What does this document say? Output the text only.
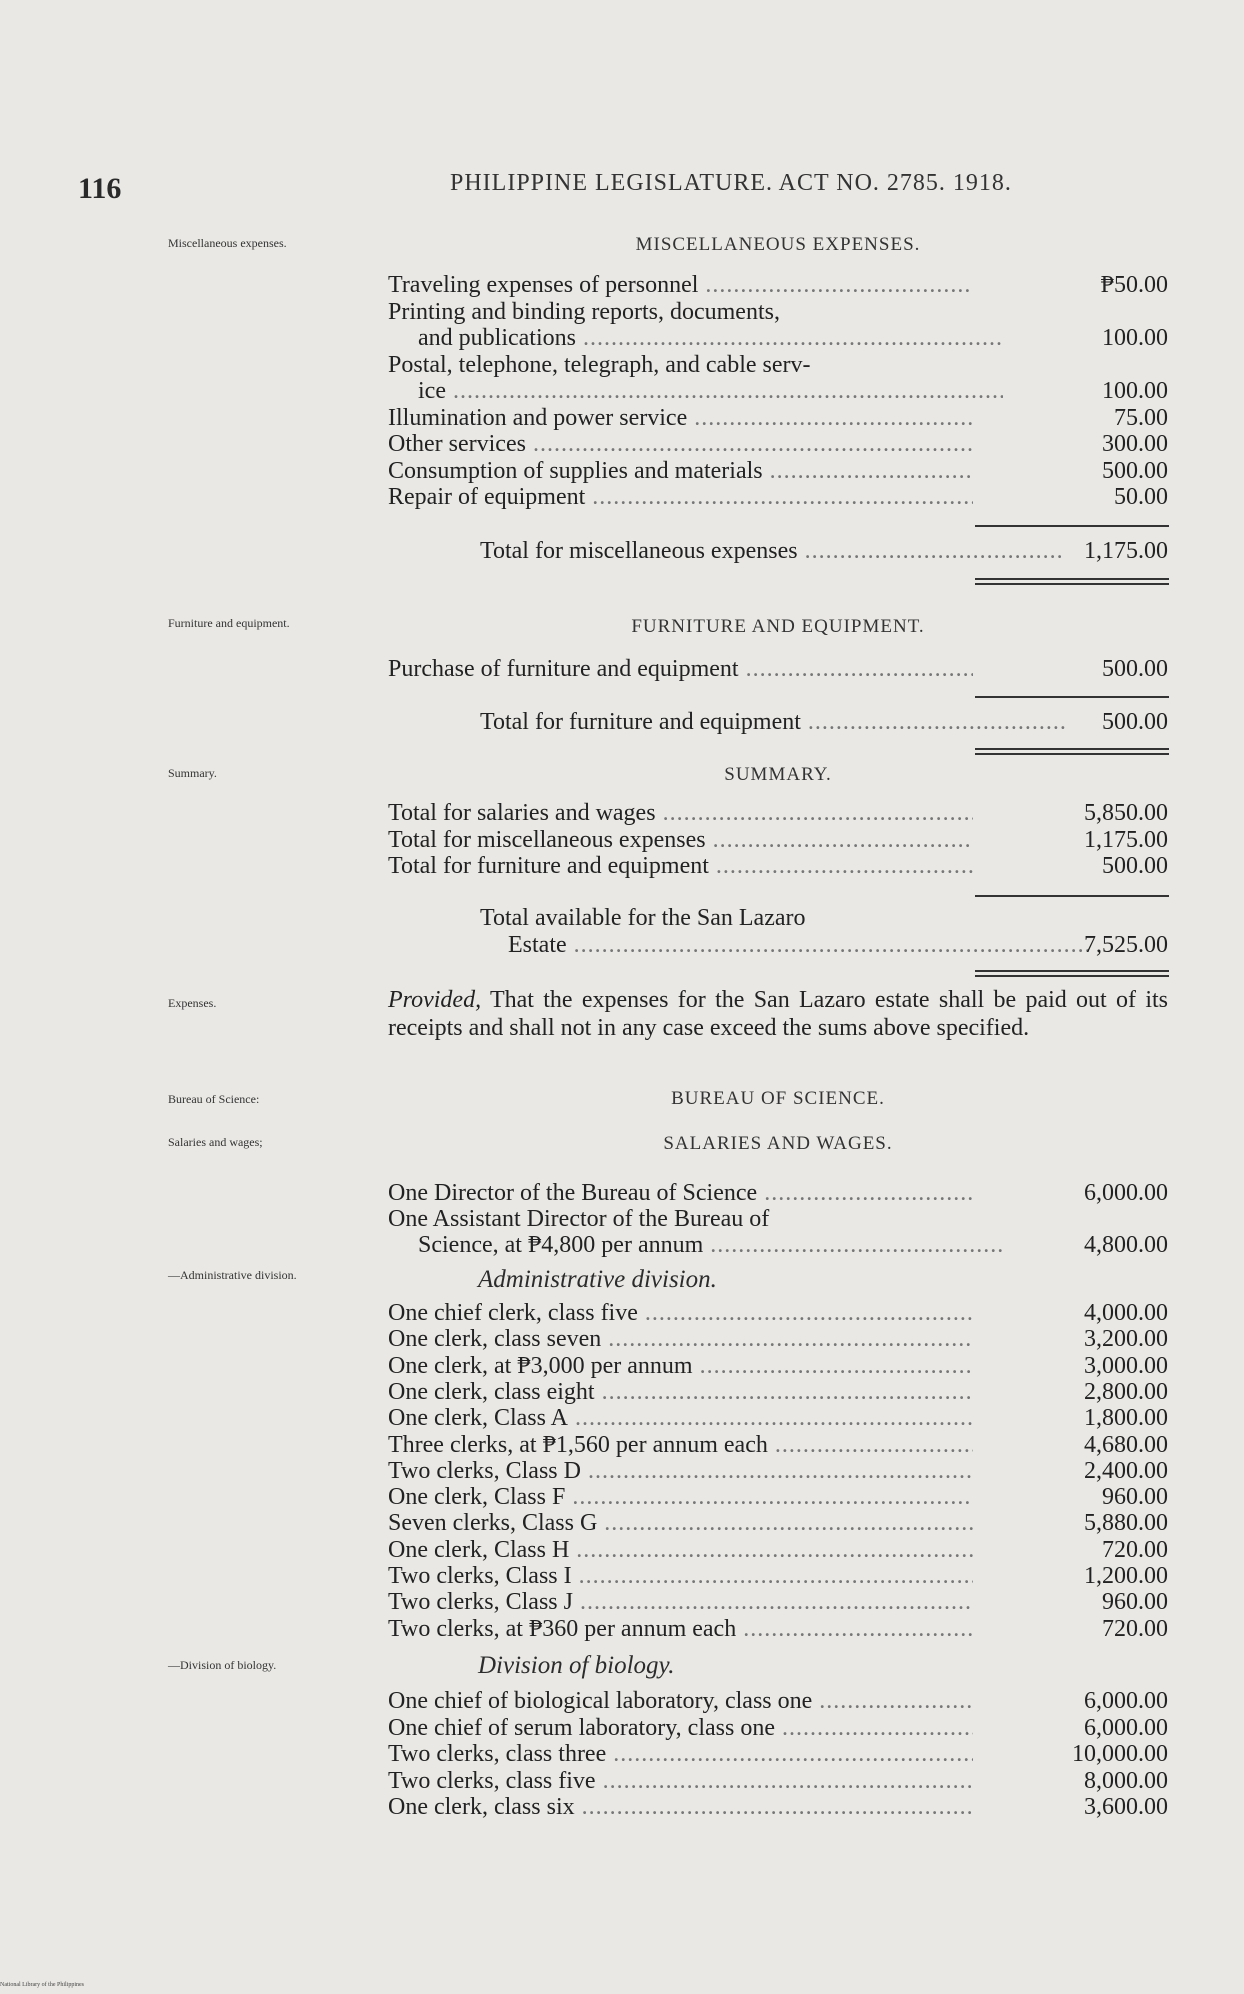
116	PHILIPPINE LEGISLATURE. ACT NO. 2785. 1918.
Miscellaneous expenses.	MISCELLANEOUS EXPENSES.
Traveling expenses of personnel .....	₱50.00
Printing and binding reports, documents,
and publications .....	100.00
Postal, telephone, telegraph, and cable serv-
ice .....	100.00
Illumination and power service .....	75.00
Other services .....	300.00
Consumption of supplies and materials .....	500.00
Repair of equipment .....	50.00
Total for miscellaneous expenses .....	1,175.00
Furniture and equipment.	FURNITURE AND EQUIPMENT.
Purchase of furniture and equipment .....	500.00
Total for furniture and equipment .....	500.00
Summary.	SUMMARY.
Total for salaries and wages .....	5,850.00
Total for miscellaneous expenses .....	1,175.00
Total for furniture and equipment .....	500.00
Total available for the San Lazaro
Estate .....	7,525.00
Expenses.	Provided, That the expenses for the San Lazaro estate shall be paid out of its receipts and shall not in any case exceed the sums above specified.
Bureau of Science:	BUREAU OF SCIENCE.
Salaries and wages;	SALARIES AND WAGES.
One Director of the Bureau of Science .....	6,000.00
One Assistant Director of the Bureau of
Science, at ₱4,800 per annum .....	4,800.00
—Administrative division.	Administrative division.
One chief clerk, class five .....	4,000.00
One clerk, class seven .....	3,200.00
One clerk, at ₱3,000 per annum .....	3,000.00
One clerk, class eight .....	2,800.00
One clerk, Class A .....	1,800.00
Three clerks, at ₱1,560 per annum each .....	4,680.00
Two clerks, Class D .....	2,400.00
One clerk, Class F .....	960.00
Seven clerks, Class G .....	5,880.00
One clerk, Class H .....	720.00
Two clerks, Class I .....	1,200.00
Two clerks, Class J .....	960.00
Two clerks, at ₱360 per annum each .....	720.00
—Division of biology.	Division of biology.
One chief of biological laboratory, class one .....	6,000.00
One chief of serum laboratory, class one .....	6,000.00
Two clerks, class three .....	10,000.00
Two clerks, class five .....	8,000.00
One clerk, class six .....	3,600.00
National Library of the Philippines
